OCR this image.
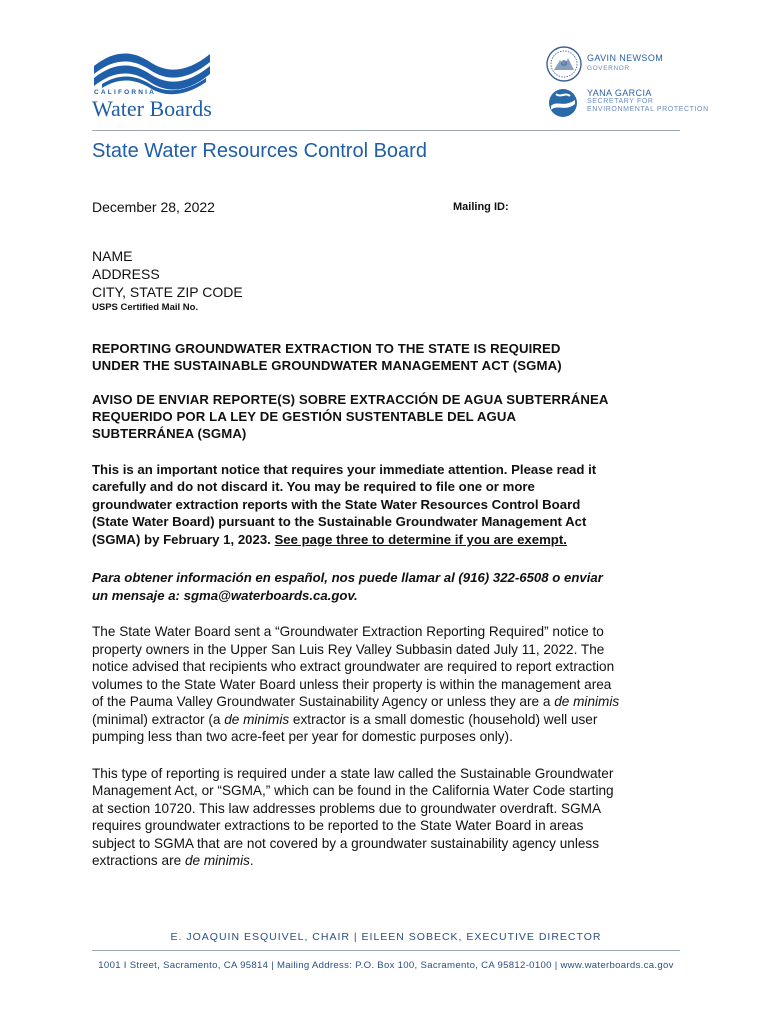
CALIFORNIA
Water Boards
GAVIN NEWSOM
GOVERNOR
YANA GARCIA
SECRETARY FOR
ENVIRONMENTAL PROTECTION
State Water Resources Control Board
December 28, 2022	Mailing ID:
NAME
ADDRESS
CITY, STATE ZIP CODE
USPS Certified Mail No.
REPORTING GROUNDWATER EXTRACTION TO THE STATE IS REQUIRED
UNDER THE SUSTAINABLE GROUNDWATER MANAGEMENT ACT (SGMA)
AVISO DE ENVIAR REPORTE(S) SOBRE EXTRACCIÓN DE AGUA SUBTERRÁNEA
REQUERIDO POR LA LEY DE GESTIÓN SUSTENTABLE DEL AGUA
SUBTERRÁNEA (SGMA)
This is an important notice that requires your immediate attention. Please read it
carefully and do not discard it. You may be required to file one or more
groundwater extraction reports with the State Water Resources Control Board
(State Water Board) pursuant to the Sustainable Groundwater Management Act
(SGMA) by February 1, 2023. See page three to determine if you are exempt.
Para obtener información en español, nos puede llamar al (916) 322-6508 o enviar
un mensaje a: sgma@waterboards.ca.gov.
The State Water Board sent a “Groundwater Extraction Reporting Required” notice to
property owners in the Upper San Luis Rey Valley Subbasin dated July 11, 2022. The
notice advised that recipients who extract groundwater are required to report extraction
volumes to the State Water Board unless their property is within the management area
of the Pauma Valley Groundwater Sustainability Agency or unless they are a de minimis
(minimal) extractor (a de minimis extractor is a small domestic (household) well user
pumping less than two acre-feet per year for domestic purposes only).
This type of reporting is required under a state law called the Sustainable Groundwater
Management Act, or “SGMA,” which can be found in the California Water Code starting
at section 10720. This law addresses problems due to groundwater overdraft. SGMA
requires groundwater extractions to be reported to the State Water Board in areas
subject to SGMA that are not covered by a groundwater sustainability agency unless
extractions are de minimis.
E. JOAQUIN ESQUIVEL, CHAIR | EILEEN SOBECK, EXECUTIVE DIRECTOR
1001 I Street, Sacramento, CA 95814 | Mailing Address: P.O. Box 100, Sacramento, CA 95812-0100 | www.waterboards.ca.gov
